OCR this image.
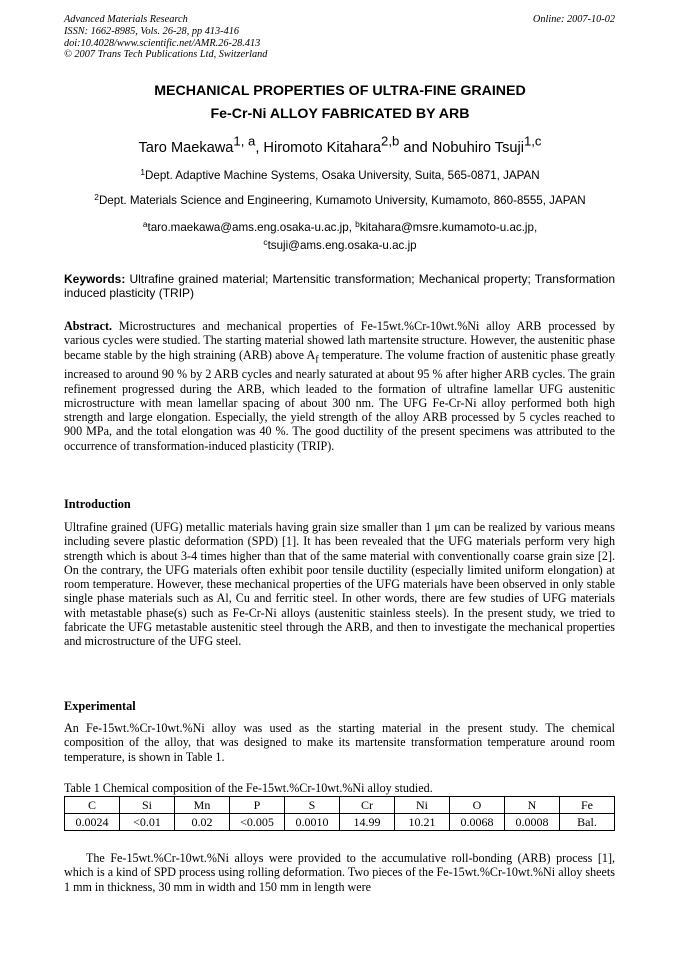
Advanced Materials Research
ISSN: 1662-8985, Vols. 26-28, pp 413-416
doi:10.4028/www.scientific.net/AMR.26-28.413
© 2007 Trans Tech Publications Ltd, Switzerland
Online: 2007-10-02
MECHANICAL PROPERTIES OF ULTRA-FINE GRAINED
Fe-Cr-Ni ALLOY FABRICATED BY ARB
Taro Maekawa$^{1, a}$, Hiromoto Kitahara$^{2,b}$ and Nobuhiro Tsuji$^{1,c}$
$^1$Dept. Adaptive Machine Systems, Osaka University, Suita, 565-0871, JAPAN
$^2$Dept. Materials Science and Engineering, Kumamoto University, Kumamoto, 860-8555, JAPAN
$^a$taro.maekawa@ams.eng.osaka-u.ac.jp, $^b$kitahara@msre.kumamoto-u.ac.jp,
$^c$tsuji@ams.eng.osaka-u.ac.jp
Keywords: Ultrafine grained material; Martensitic transformation; Mechanical property; Transformation induced plasticity (TRIP)
Abstract. Microstructures and mechanical properties of Fe-15wt.%Cr-10wt.%Ni alloy ARB processed by various cycles were studied. The starting material showed lath martensite structure. However, the austenitic phase became stable by the high straining (ARB) above $A_f$ temperature. The volume fraction of austenitic phase greatly increased to around 90 % by 2 ARB cycles and nearly saturated at about 95 % after higher ARB cycles. The grain refinement progressed during the ARB, which leaded to the formation of ultrafine lamellar UFG austenitic microstructure with mean lamellar spacing of about 300 nm. The UFG Fe-Cr-Ni alloy performed both high strength and large elongation. Especially, the yield strength of the alloy ARB processed by 5 cycles reached to 900 MPa, and the total elongation was 40 %. The good ductility of the present specimens was attributed to the occurrence of transformation-induced plasticity (TRIP).
Introduction
Ultrafine grained (UFG) metallic materials having grain size smaller than 1 μm can be realized by various means including severe plastic deformation (SPD) [1]. It has been revealed that the UFG materials perform very high strength which is about 3-4 times higher than that of the same material with conventionally coarse grain size [2]. On the contrary, the UFG materials often exhibit poor tensile ductility (especially limited uniform elongation) at room temperature. However, these mechanical properties of the UFG materials have been observed in only stable single phase materials such as Al, Cu and ferritic steel. In other words, there are few studies of UFG materials with metastable phase(s) such as Fe-Cr-Ni alloys (austenitic stainless steels). In the present study, we tried to fabricate the UFG metastable austenitic steel through the ARB, and then to investigate the mechanical properties and microstructure of the UFG steel.
Experimental
An Fe-15wt.%Cr-10wt.%Ni alloy was used as the starting material in the present study. The chemical composition of the alloy, that was designed to make its martensite transformation temperature around room temperature, is shown in Table 1.
Table 1 Chemical composition of the Fe-15wt.%Cr-10wt.%Ni alloy studied.
C	Si	Mn	P	S	Cr	Ni	O	N	Fe
0.0024	<0.01	0.02	<0.005	0.0010	14.99	10.21	0.0068	0.0008	Bal.
The Fe-15wt.%Cr-10wt.%Ni alloys were provided to the accumulative roll-bonding (ARB) process [1], which is a kind of SPD process using rolling deformation. Two pieces of the Fe-15wt.%Cr-10wt.%Ni alloy sheets 1 mm in thickness, 30 mm in width and 150 mm in length were
